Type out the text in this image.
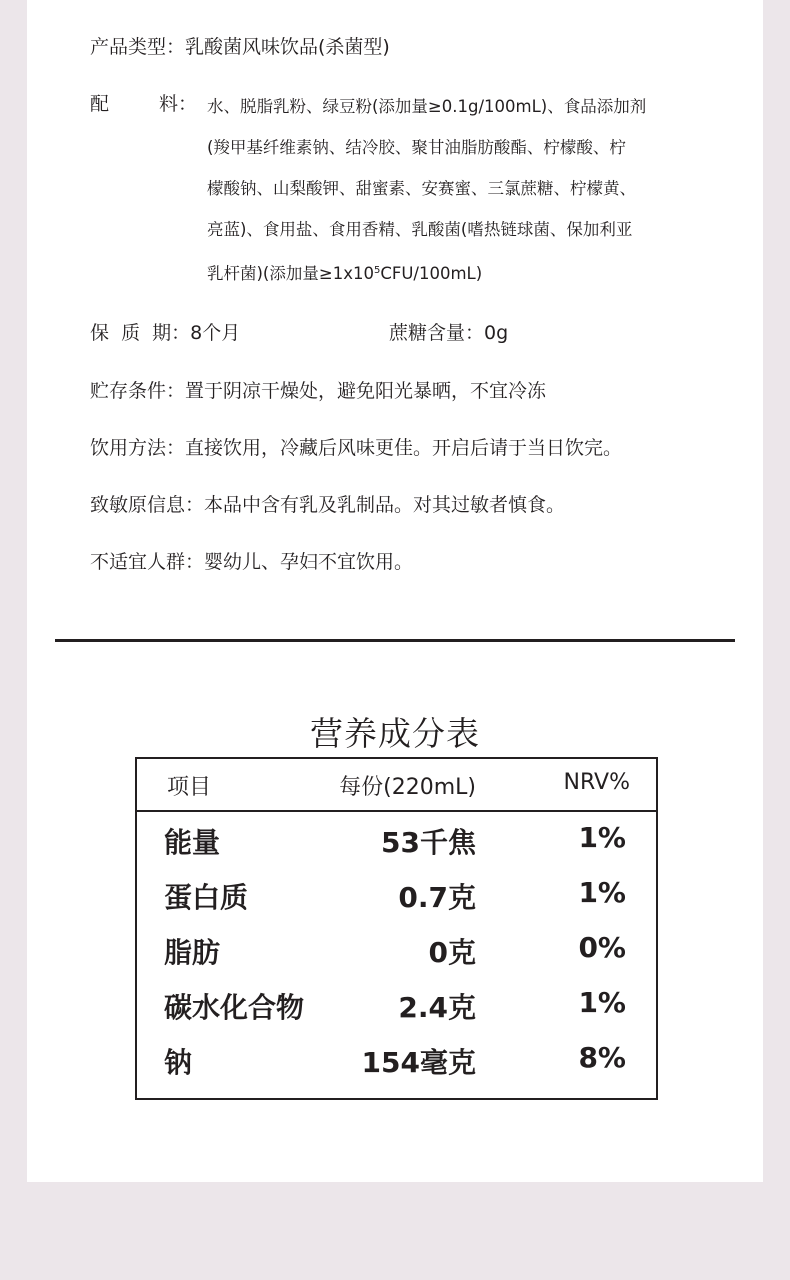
产品类型：乳酸菌风味饮品(杀菌型)
配	料： 水、脱脂乳粉、绿豆粉(添加量≥0.1g/100mL)、食品添加剂
(羧甲基纤维素钠、结冷胶、聚甘油脂肪酸酯、柠檬酸、柠
檬酸钠、山梨酸钾、甜蜜素、安赛蜜、三氯蔗糖、柠檬黄、
亮蓝)、食用盐、食用香精、乳酸菌(嗜热链球菌、保加利亚
乳杆菌)(添加量$\ge 1x10^5CFU/100mL$)
保  质  期：8个月	蔗糖含量：0g
贮存条件：置于阴凉干燥处，避免阳光暴晒，不宜冷冻
饮用方法：直接饮用，冷藏后风味更佳。开启后请于当日饮完。
致敏原信息：本品中含有乳及乳制品。对其过敏者慎食。
不适宜人群：婴幼儿、孕妇不宜饮用。
营养成分表
项目	每份(220mL)	NRV%
能量	53千焦	1%
蛋白质	0.7克	1%
脂肪	0克	0%
碳水化合物	2.4克	1%
钠	154毫克	8%
